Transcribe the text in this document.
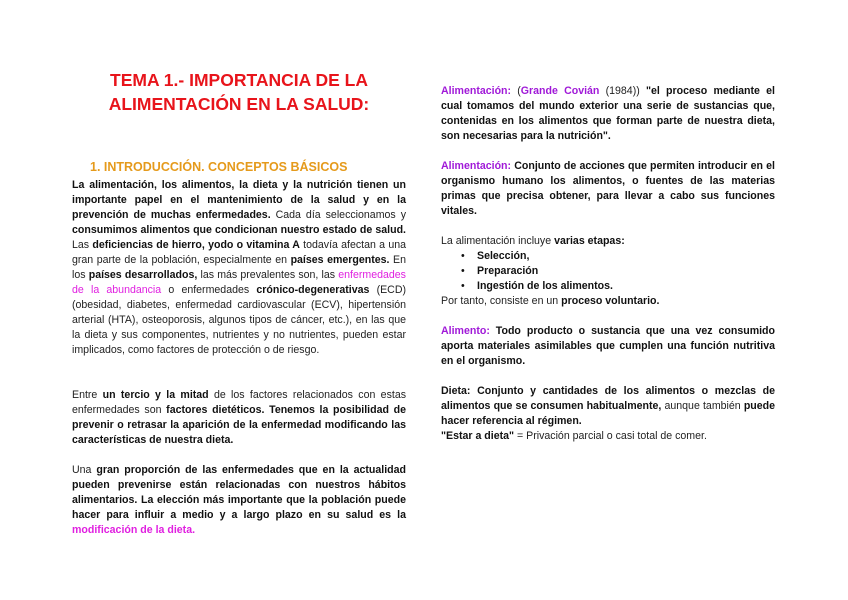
TEMA 1.- IMPORTANCIA DE LA ALIMENTACIÓN EN LA SALUD:
1. INTRODUCCIÓN. CONCEPTOS BÁSICOS

La alimentación, los alimentos, la dieta y la nutrición tienen un importante papel en el mantenimiento de la salud y en la prevención de muchas enfermedades. Cada día seleccionamos y consumimos alimentos que condicionan nuestro estado de salud. Las deficiencias de hierro, yodo o vitamina A todavía afectan a una gran parte de la población, especialmente en países emergentes. En los países desarrollados, las más prevalentes son, las enfermedades de la abundancia o enfermedades crónico-degenerativas (ECD) (obesidad, diabetes, enfermedad cardiovascular (ECV), hipertensión arterial (HTA), osteoporosis, algunos tipos de cáncer, etc.), en las que la dieta y sus componentes, nutrientes y no nutrientes, pueden estar implicados, como factores de protección o de riesgo.

Entre un tercio y la mitad de los factores relacionados con estas enfermedades son factores dietéticos. Tenemos la posibilidad de prevenir o retrasar la aparición de la enfermedad modificando las características de nuestra dieta.

Una gran proporción de las enfermedades que en la actualidad pueden prevenirse están relacionadas con nuestros hábitos alimentarios. La elección más importante que la población puede hacer para influir a medio y a largo plazo en su salud es la modificación de la dieta.

Alimentación: (Grande Covián (1984)) "el proceso mediante el cual tomamos del mundo exterior una serie de sustancias que, contenidas en los alimentos que forman parte de nuestra dieta, son necesarias para la nutrición".

Alimentación: Conjunto de acciones que permiten introducir en el organismo humano los alimentos, o fuentes de las materias primas que precisa obtener, para llevar a cabo sus funciones vitales.

La alimentación incluye varias etapas:

• Selección,
• Preparación
• Ingestión de los alimentos.

Por tanto, consiste en un proceso voluntario.

Alimento: Todo producto o sustancia que una vez consumido aporta materiales asimilables que cumplen una función nutritiva en el organismo.

Dieta: Conjunto y cantidades de los alimentos o mezclas de alimentos que se consumen habitualmente, aunque también puede hacer referencia al régimen.

"Estar a dieta" = Privación parcial o casi total de comer.
